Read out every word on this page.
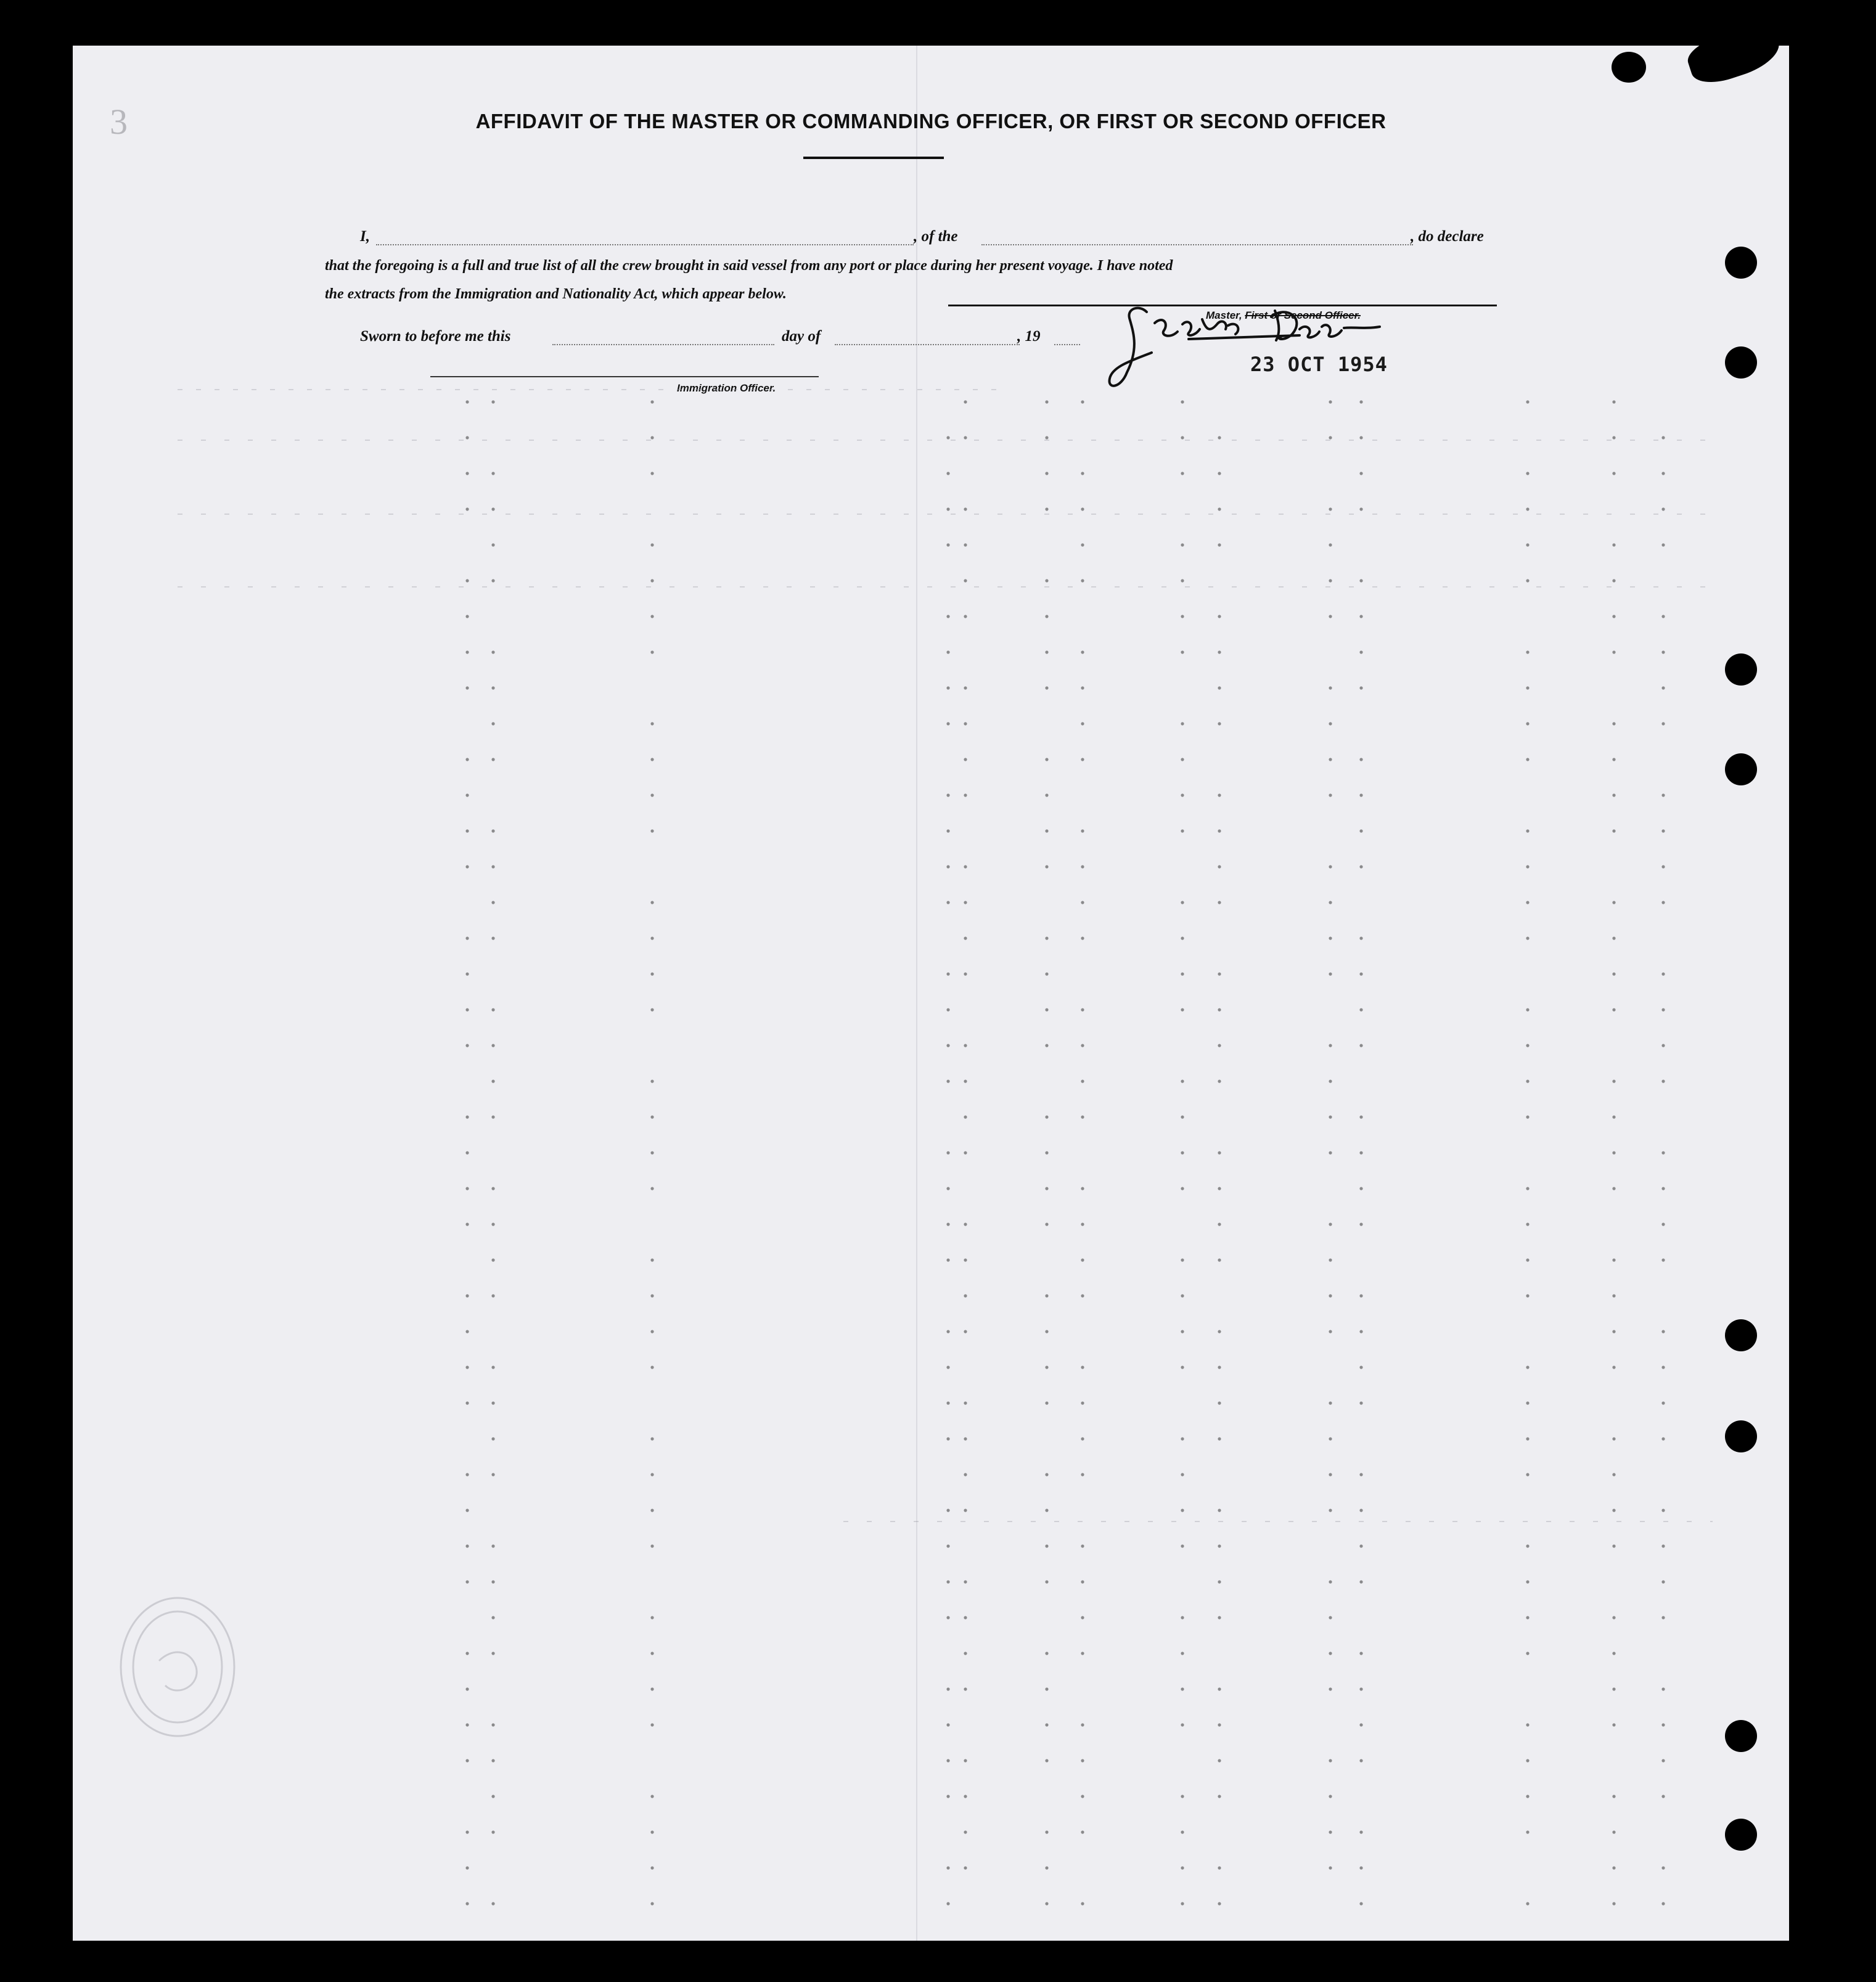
3	AFFIDAVIT OF THE MASTER OR COMMANDING OFFICER, OR FIRST OR SECOND OFFICER
I,	, of the	, do declare
that the foregoing is a full and true list of all the crew brought in said vessel from any port or place during her present voyage. I have noted
the extracts from the Immigration and Nationality Act, which appear below.
Master, First or Second Officer.
Sworn to before me this	day of	, 19
23 OCT 1954
Immigration Officer.
